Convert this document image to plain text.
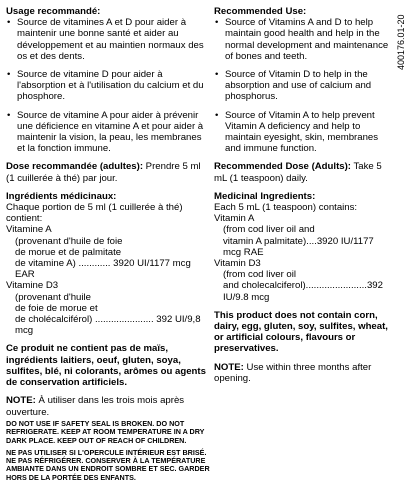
Usage recommandé:

• Source de vitamines A et D pour aider à maintenir une bonne santé et aider au développement et au maintien normaux des os et des dents.
• Source de vitamine D pour aider à l'absorption et à l'utilisation du calcium et du phosphore.
• Source de vitamine A pour aider à prévenir une déficience en vitamine A et pour aider à maintenir la vision, la peau, les membranes et la fonction immune.

Dose recommandée (adultes): Prendre 5 ml (1 cuillerée à thé) par jour.

Ingrédients médicinaux:

Chaque portion de 5 ml (1 cuillerée à thé) contient:

Vitamine A

(provenant d'huile de foie

de morue et de palmitate

de vitamine A) ............ 3920 UI/1177 mcg EAR

Vitamine D3

(provenant d'huile

de foie de morue et

de cholécalciférol) ...................... 392 UI/9,8 mcg

Ce produit ne contient pas de maïs, ingrédients laitiers, oeuf, gluten, soya, sulfites, blé, ni colorants, arômes ou agents de conservation artificiels.

NOTE: À utiliser dans les trois mois après ouverture.

Recommended Use:

• Source of Vitamins A and D to help maintain good health and help in the normal development and maintenance of bones and teeth.
• Source of Vitamin D to help in the absorption and use of calcium and phosphorus.
• Source of Vitamin A to help prevent Vitamin A deficiency and help to maintain eyesight, skin, membranes and immune function.

Recommended Dose (Adults): Take 5 mL (1 teaspoon) daily.

Medicinal Ingredients:

Each 5 mL (1 teaspoon) contains:

Vitamin A

(from cod liver oil and

vitamin A palmitate)....3920 IU/1177 mcg RAE

Vitamin D3

(from cod liver oil

and cholecalciferol).......................392 IU/9.8 mcg

This product does not contain corn, dairy, egg, gluten, soy, sulfites, wheat, or artificial colours, flavours or preservatives.

NOTE: Use within three months after opening.

DO NOT USE IF SAFETY SEAL IS BROKEN. DO NOT REFRIGERATE. KEEP AT ROOM TEMPERATURE IN A DRY DARK PLACE. KEEP OUT OF REACH OF CHILDREN.

NE PAS UTILISER SI L'OPERCULE INTÉRIEUR EST BRISÉ. NE PAS RÉFRIGÉRER. CONSERVER À LA TEMPÉRATURE AMBIANTE DANS UN ENDROIT SOMBRE ET SEC. GARDER HORS DE LA PORTÉE DES ENFANTS.

400176.01-20
